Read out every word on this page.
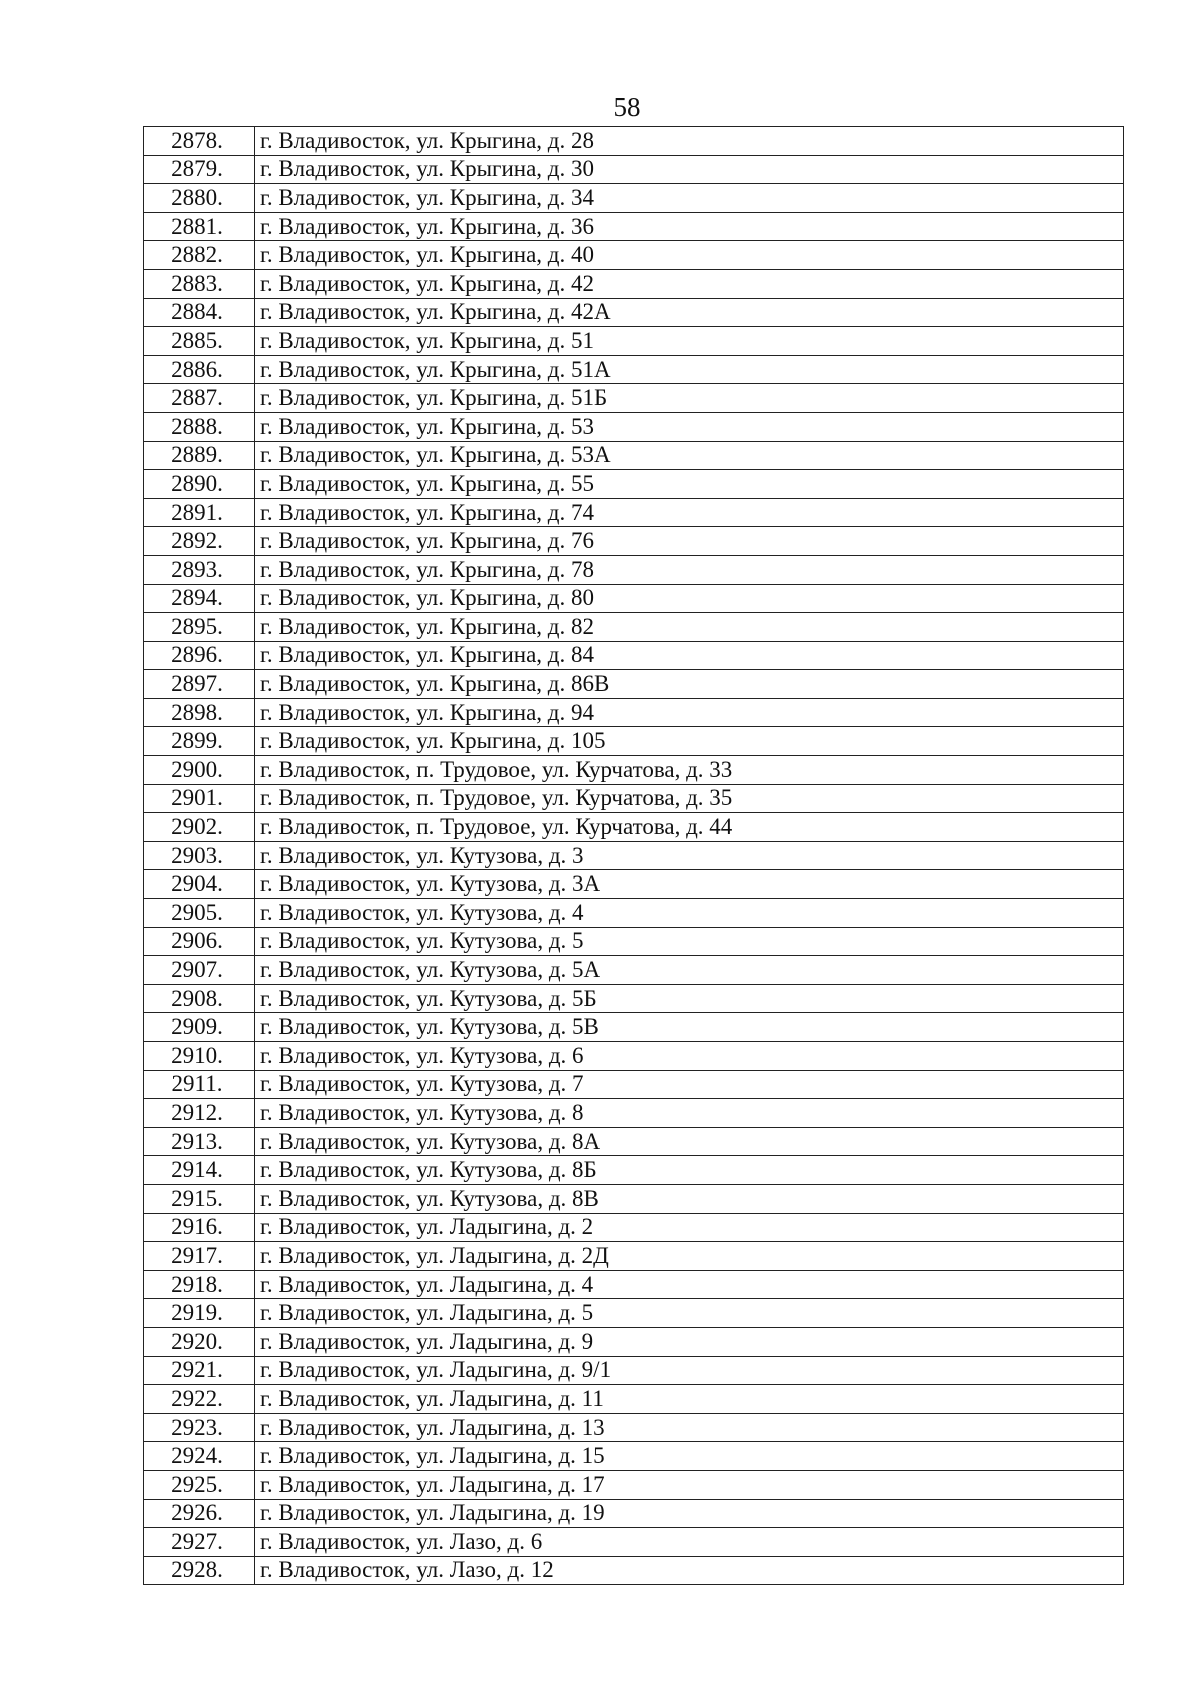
58
2878.	г. Владивосток, ул. Крыгина, д. 28
2879.	г. Владивосток, ул. Крыгина, д. 30
2880.	г. Владивосток, ул. Крыгина, д. 34
2881.	г. Владивосток, ул. Крыгина, д. 36
2882.	г. Владивосток, ул. Крыгина, д. 40
2883.	г. Владивосток, ул. Крыгина, д. 42
2884.	г. Владивосток, ул. Крыгина, д. 42А
2885.	г. Владивосток, ул. Крыгина, д. 51
2886.	г. Владивосток, ул. Крыгина, д. 51А
2887.	г. Владивосток, ул. Крыгина, д. 51Б
2888.	г. Владивосток, ул. Крыгина, д. 53
2889.	г. Владивосток, ул. Крыгина, д. 53А
2890.	г. Владивосток, ул. Крыгина, д. 55
2891.	г. Владивосток, ул. Крыгина, д. 74
2892.	г. Владивосток, ул. Крыгина, д. 76
2893.	г. Владивосток, ул. Крыгина, д. 78
2894.	г. Владивосток, ул. Крыгина, д. 80
2895.	г. Владивосток, ул. Крыгина, д. 82
2896.	г. Владивосток, ул. Крыгина, д. 84
2897.	г. Владивосток, ул. Крыгина, д. 86В
2898.	г. Владивосток, ул. Крыгина, д. 94
2899.	г. Владивосток, ул. Крыгина, д. 105
2900.	г. Владивосток, п. Трудовое, ул. Курчатова, д. 33
2901.	г. Владивосток, п. Трудовое, ул. Курчатова, д. 35
2902.	г. Владивосток, п. Трудовое, ул. Курчатова, д. 44
2903.	г. Владивосток, ул. Кутузова, д. 3
2904.	г. Владивосток, ул. Кутузова, д. 3А
2905.	г. Владивосток, ул. Кутузова, д. 4
2906.	г. Владивосток, ул. Кутузова, д. 5
2907.	г. Владивосток, ул. Кутузова, д. 5А
2908.	г. Владивосток, ул. Кутузова, д. 5Б
2909.	г. Владивосток, ул. Кутузова, д. 5В
2910.	г. Владивосток, ул. Кутузова, д. 6
2911.	г. Владивосток, ул. Кутузова, д. 7
2912.	г. Владивосток, ул. Кутузова, д. 8
2913.	г. Владивосток, ул. Кутузова, д. 8А
2914.	г. Владивосток, ул. Кутузова, д. 8Б
2915.	г. Владивосток, ул. Кутузова, д. 8В
2916.	г. Владивосток, ул. Ладыгина, д. 2
2917.	г. Владивосток, ул. Ладыгина, д. 2Д
2918.	г. Владивосток, ул. Ладыгина, д. 4
2919.	г. Владивосток, ул. Ладыгина, д. 5
2920.	г. Владивосток, ул. Ладыгина, д. 9
2921.	г. Владивосток, ул. Ладыгина, д. 9/1
2922.	г. Владивосток, ул. Ладыгина, д. 11
2923.	г. Владивосток, ул. Ладыгина, д. 13
2924.	г. Владивосток, ул. Ладыгина, д. 15
2925.	г. Владивосток, ул. Ладыгина, д. 17
2926.	г. Владивосток, ул. Ладыгина, д. 19
2927.	г. Владивосток, ул. Лазо, д. 6
2928.	г. Владивосток, ул. Лазо, д. 12
